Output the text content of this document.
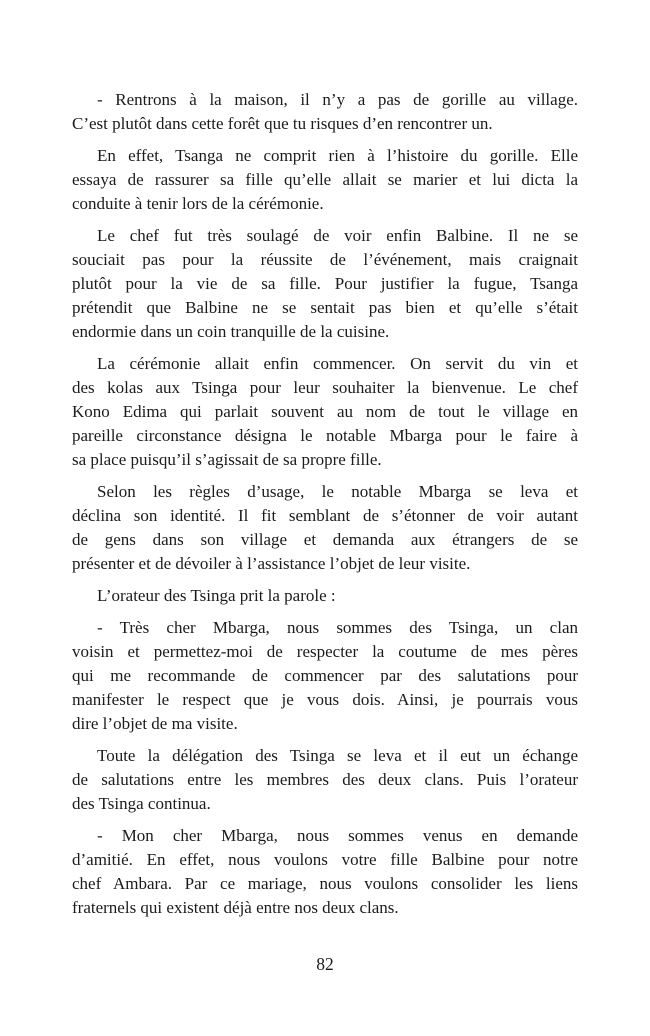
- Rentrons à la maison, il n’y a pas de gorille au village.
C’est plutôt dans cette forêt que tu risques d’en rencontrer un.
En effet, Tsanga ne comprit rien à l’histoire du gorille. Elle
essaya de rassurer sa fille qu’elle allait se marier et lui dicta la
conduite à tenir lors de la cérémonie.
Le chef fut très soulagé de voir enfin Balbine. Il ne se
souciait pas pour la réussite de l’événement, mais craignait
plutôt pour la vie de sa fille. Pour justifier la fugue, Tsanga
prétendit que Balbine ne se sentait pas bien et qu’elle s’était
endormie dans un coin tranquille de la cuisine.
La cérémonie allait enfin commencer. On servit du vin et
des kolas aux Tsinga pour leur souhaiter la bienvenue. Le chef
Kono Edima qui parlait souvent au nom de tout le village en
pareille circonstance désigna le notable Mbarga pour le faire à
sa place puisqu’il s’agissait de sa propre fille.
Selon les règles d’usage, le notable Mbarga se leva et
déclina son identité. Il fit semblant de s’étonner de voir autant
de gens dans son village et demanda aux étrangers de se
présenter et de dévoiler à l’assistance l’objet de leur visite.
L’orateur des Tsinga prit la parole :
- Très cher Mbarga, nous sommes des Tsinga, un clan
voisin et permettez-moi de respecter la coutume de mes pères
qui me recommande de commencer par des salutations pour
manifester le respect que je vous dois. Ainsi, je pourrais vous
dire l’objet de ma visite.
Toute la délégation des Tsinga se leva et il eut un échange
de salutations entre les membres des deux clans. Puis l’orateur
des Tsinga continua.
- Mon cher Mbarga, nous sommes venus en demande
d’amitié. En effet, nous voulons votre fille Balbine pour notre
chef Ambara. Par ce mariage, nous voulons consolider les liens
fraternels qui existent déjà entre nos deux clans.
82
